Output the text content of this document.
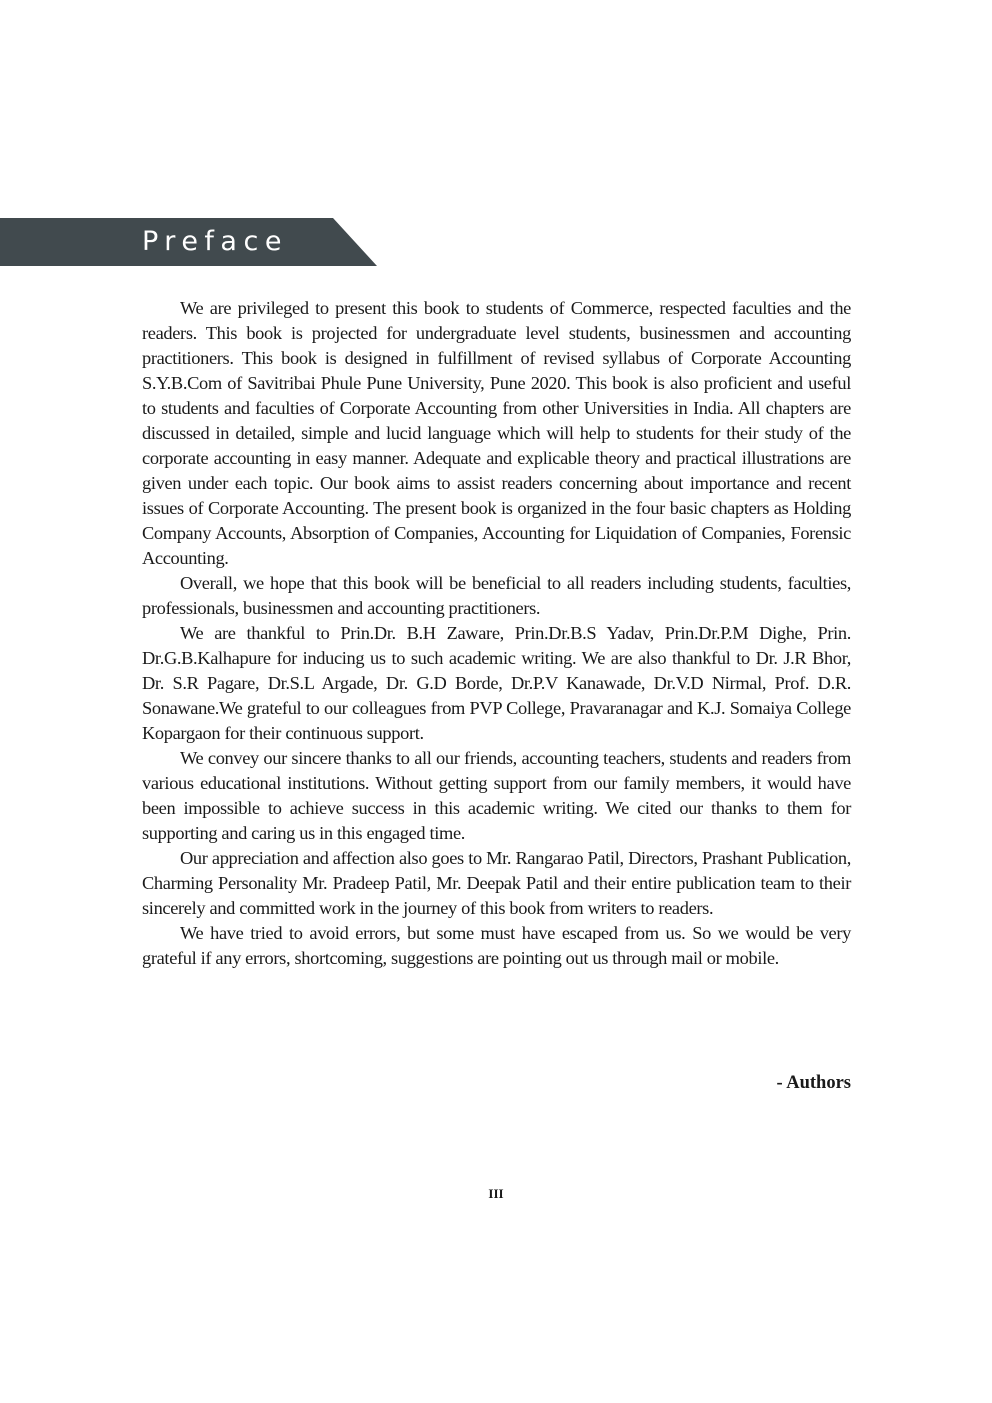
Preface

We are privileged to present this book to students of Commerce, respected faculties and the readers. This book is projected for undergraduate level students, businessmen and accounting practitioners. This book is designed in fulfillment of revised syllabus of Corporate Accounting S.Y.B.Com of Savitribai Phule Pune University, Pune 2020. This book is also proficient and useful to students and faculties of Corporate Accounting from other Universities in India. All chapters are discussed in detailed, simple and lucid language which will help to students for their study of the corporate accounting in easy manner. Adequate and explicable theory and practical illustrations are given under each topic. Our book aims to assist readers concerning about importance and recent issues of Corporate Accounting. The present book is organized in the four basic chapters as Holding Company Accounts, Absorption of Companies, Accounting for Liquidation of Companies, Forensic Accounting.

Overall, we hope that this book will be beneficial to all readers including students, faculties, professionals, businessmen and accounting practitioners.

We are thankful to Prin.Dr. B.H Zaware, Prin.Dr.B.S Yadav, Prin.Dr.P.M Dighe, Prin. Dr.G.B.Kalhapure for inducing us to such academic writing. We are also thankful to Dr. J.R Bhor, Dr. S.R Pagare, Dr.S.L Argade, Dr. G.D Borde, Dr.P.V Kanawade, Dr.V.D Nirmal, Prof. D.R. Sonawane.We grateful to our colleagues from PVP College, Pravaranagar and K.J. Somaiya College Kopargaon for their continuous support.

We convey our sincere thanks to all our friends, accounting teachers, students and readers from various educational institutions. Without getting support from our family members, it would have been impossible to achieve success in this academic writing. We cited our thanks to them for supporting and caring us in this engaged time.

Our appreciation and affection also goes to Mr. Rangarao Patil, Directors, Prashant Publication, Charming Personality Mr. Pradeep Patil, Mr. Deepak Patil and their entire publication team to their sincerely and committed work in the journey of this book from writers to readers.

We have tried to avoid errors, but some must have escaped from us. So we would be very grateful if any errors, shortcoming, suggestions are pointing out us through mail or mobile.

- Authors
III
